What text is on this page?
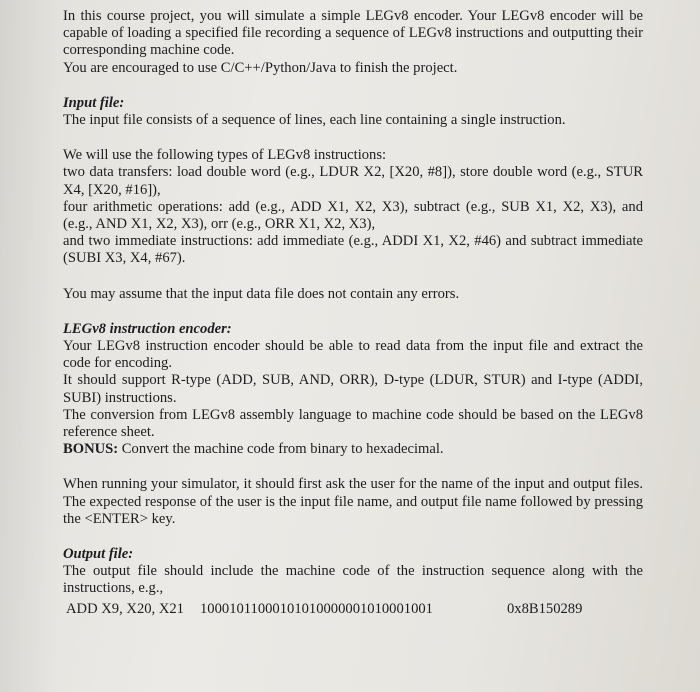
In this course project, you will simulate a simple LEGv8 encoder. Your LEGv8 encoder will be capable of loading a specified file recording a sequence of LEGv8 instructions and outputting their corresponding machine code.
You are encouraged to use C/C++/Python/Java to finish the project.

Input file:
The input file consists of a sequence of lines, each line containing a single instruction.

We will use the following types of LEGv8 instructions:
two data transfers: load double word (e.g., LDUR X2, [X20, #8]), store double word (e.g., STUR X4, [X20, #16]),
four arithmetic operations: add (e.g., ADD X1, X2, X3), subtract (e.g., SUB X1, X2, X3), and (e.g., AND X1, X2, X3), orr (e.g., ORR X1, X2, X3),
and two immediate instructions: add immediate (e.g., ADDI X1, X2, #46) and subtract immediate (SUBI X3, X4, #67).

You may assume that the input data file does not contain any errors.

LEGv8 instruction encoder:
Your LEGv8 instruction encoder should be able to read data from the input file and extract the code for encoding.
It should support R-type (ADD, SUB, AND, ORR), D-type (LDUR, STUR) and I-type (ADDI, SUBI) instructions.
The conversion from LEGv8 assembly language to machine code should be based on the LEGv8 reference sheet.
BONUS: Convert the machine code from binary to hexadecimal.

When running your simulator, it should first ask the user for the name of the input and output files. The expected response of the user is the input file name, and output file name followed by pressing the <ENTER> key.

Output file:
The output file should include the machine code of the instruction sequence along with the instructions, e.g.,

ADD X9, X20, X21 10001011000101010000001010001001	0x8B150289
